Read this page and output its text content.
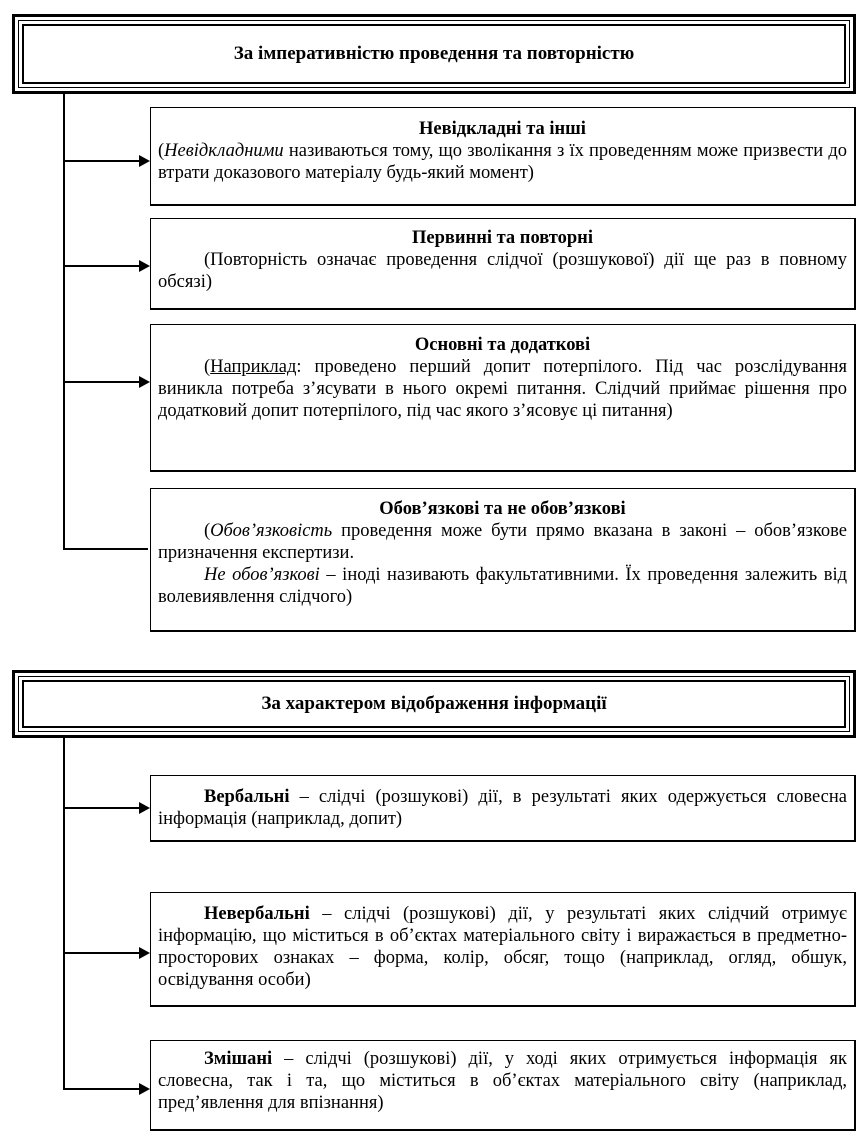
За імперативністю проведення та повторністю
Невідкладні та інші

(Невідкладними називаються тому, що зволікання з їх проведенням може призвести до втрати доказового матеріалу будь-який момент)

Первинні та повторні

(Повторність означає проведення слідчої (розшукової) дії ще раз в повному обсязі)

Основні та додаткові

(Наприклад: проведено перший допит потерпілого. Під час розслідування виникла потреба з’ясувати в нього окремі питання. Слідчий приймає рішення про додатковий допит потерпілого, під час якого з’ясовує ці питання)

Обов’язкові та не обов’язкові

(Обов’язковість проведення може бути прямо вказана в законі – обов’язкове призначення експертизи.

Не обов’язкові – іноді називають факультативними. Їх проведення залежить від волевиявлення слідчого)

За характером відображення інформації

Вербальні – слідчі (розшукові) дії, в результаті яких одержується словесна інформація (наприклад, допит)

Невербальні – слідчі (розшукові) дії, у результаті яких слідчий отримує інформацію, що міститься в об’єктах матеріального світу і виражається в предметно-просторових ознаках – форма, колір, обсяг, тощо (наприклад, огляд, обшук, освідування особи)

Змішані – слідчі (розшукові) дії, у ході яких отримується інформація як словесна, так і та, що міститься в об’єктах матеріального світу (наприклад, пред’явлення для впізнання)
